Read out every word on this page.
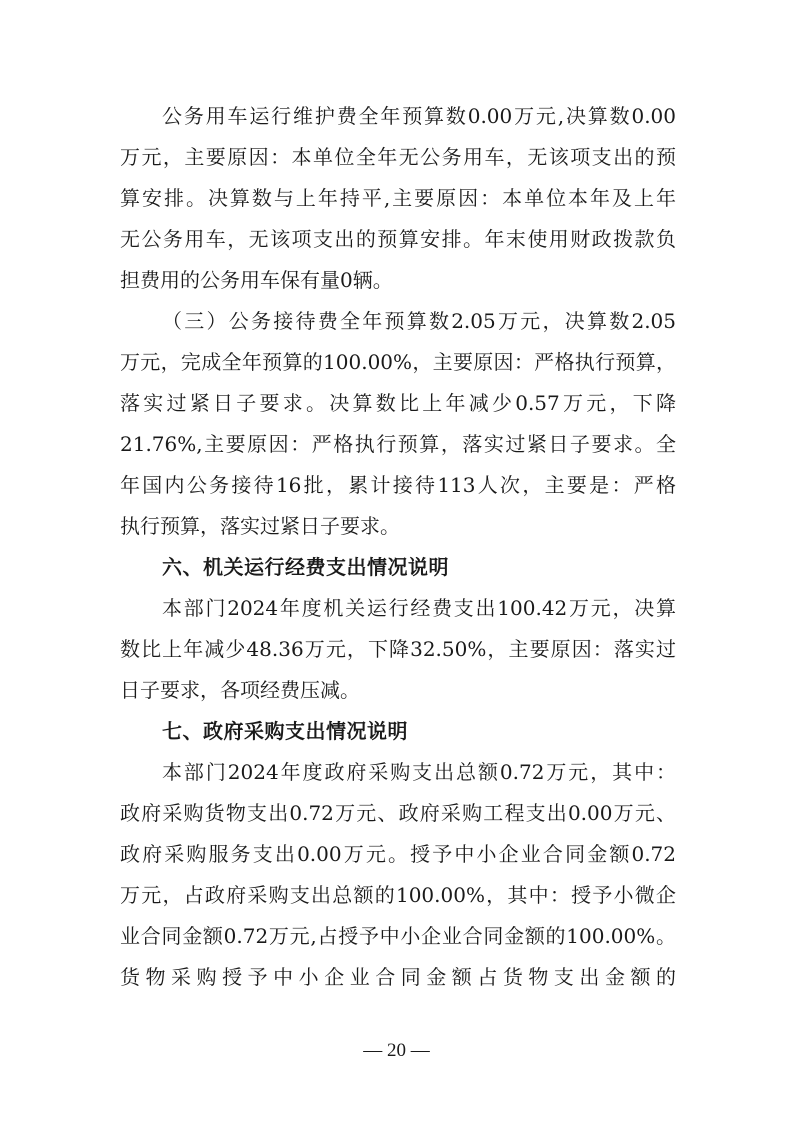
公务用车运行维护费全年预算数0.00万元,决算数0.00
万元，主要原因：本单位全年无公务用车，无该项支出的预
算安排。决算数与上年持平,主要原因：本单位本年及上年
无公务用车，无该项支出的预算安排。年末使用财政拨款负
担费用的公务用车保有量0辆。
（三）公务接待费全年预算数2.05万元，决算数2.05
万元，完成全年预算的100.00%，主要原因：严格执行预算，
落实过紧日子要求。决算数比上年减少0.57万元，下降
21.76%,主要原因：严格执行预算，落实过紧日子要求。全
年国内公务接待16批，累计接待113人次，主要是：严格
执行预算，落实过紧日子要求。
六、机关运行经费支出情况说明
本部门2024年度机关运行经费支出100.42万元，决算
数比上年减少48.36万元，下降32.50%，主要原因：落实过
日子要求，各项经费压减。
七、政府采购支出情况说明
本部门2024年度政府采购支出总额0.72万元，其中：
政府采购货物支出0.72万元、政府采购工程支出0.00万元、
政府采购服务支出0.00万元。授予中小企业合同金额0.72
万元，占政府采购支出总额的100.00%，其中：授予小微企
业合同金额0.72万元,占授予中小企业合同金额的100.00%。
货物采购授予中小企业合同金额占货物支出金额的
— 20 —
